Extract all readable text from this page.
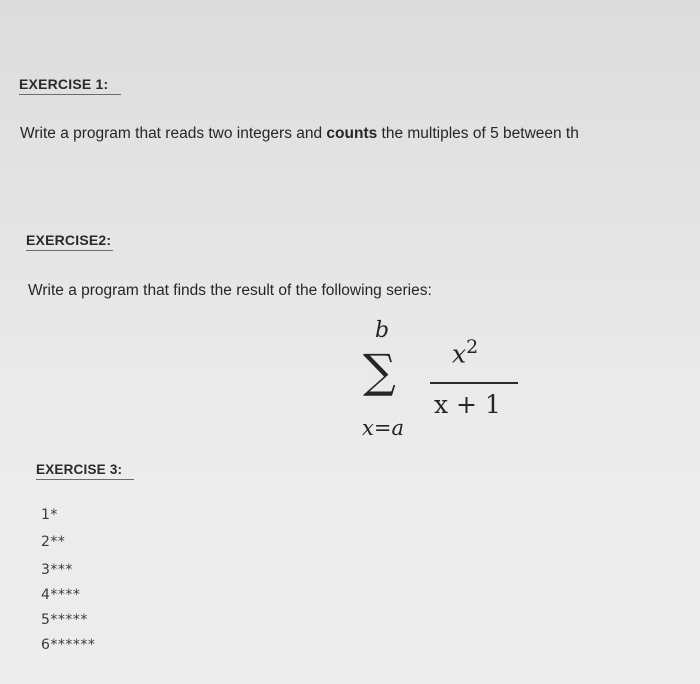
EXERCISE 1:
Write a program that reads two integers and counts the multiples of 5 between th
EXERCISE2:
Write a program that finds the result of the following series:
b
∑
x=a
$x^2$
x + 1
EXERCISE 3:
1*
2**
3***
4****
5*****
6******
